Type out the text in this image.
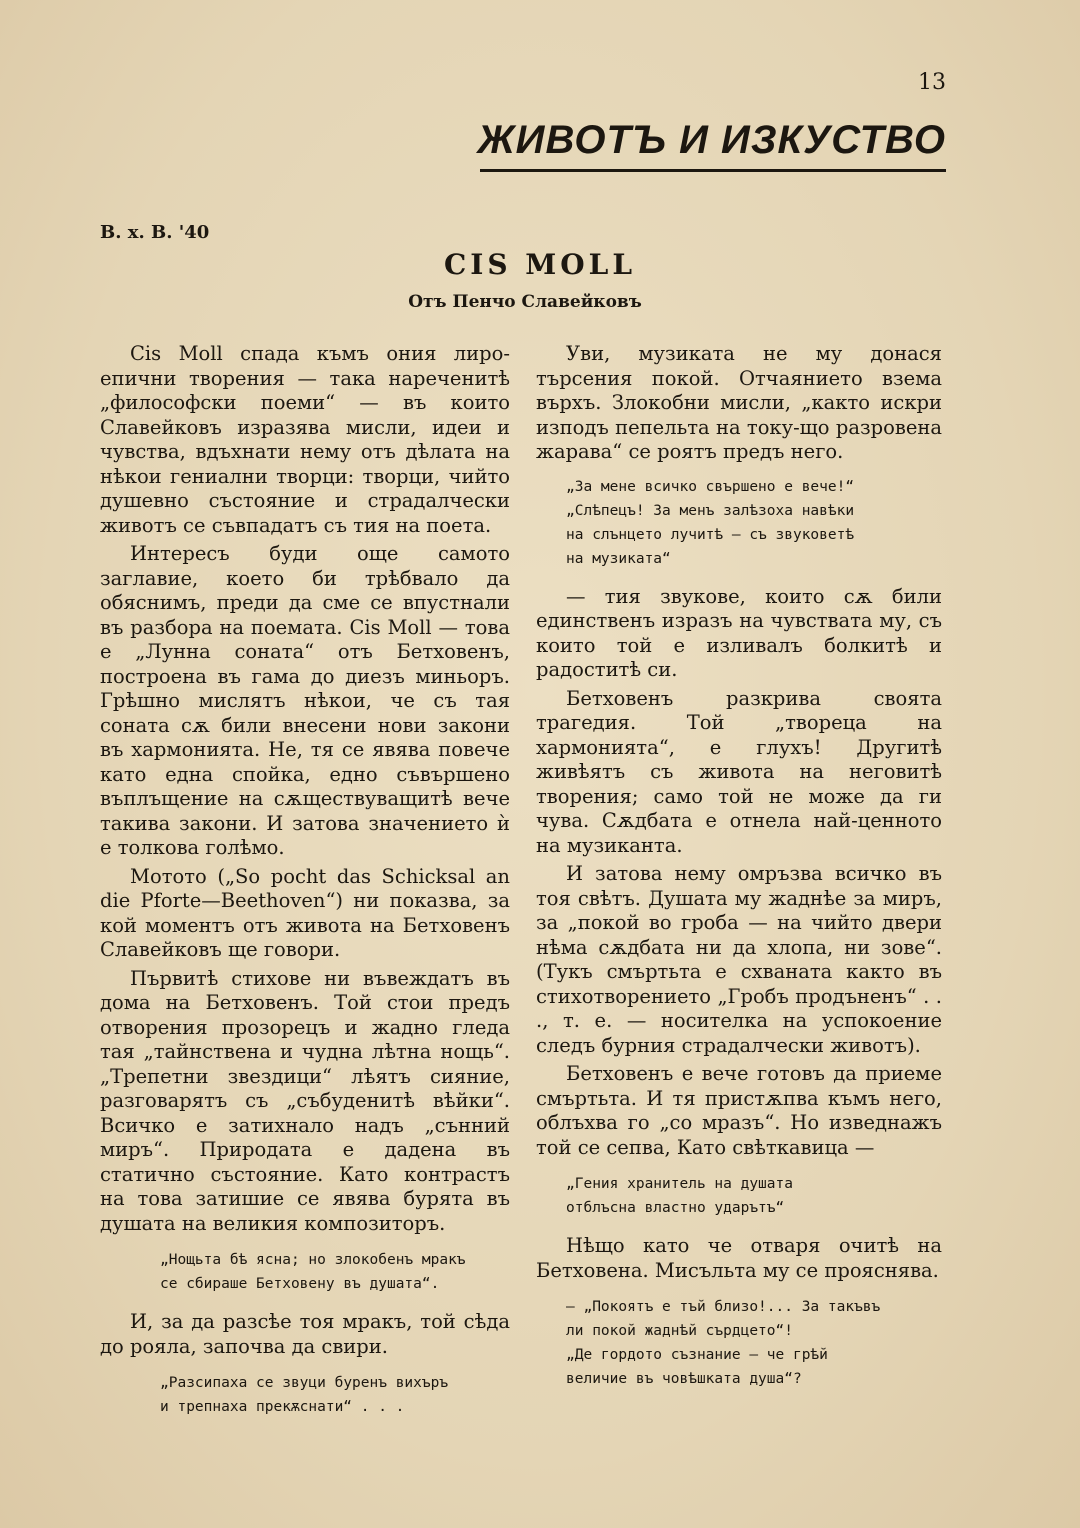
13
ЖИВОТЪ И ИЗКУСТВО
В. х. В. '40
CIS MOLL
Отъ Пенчо Славейковъ

Cis Moll спада къмъ ония лиро-епични творения — така нареченитѣ „философски поеми“ — въ които Славейковъ изразява мисли, идеи и чувства, вдъхнати нему отъ дѣлата на нѣкои гениални творци: творци, чийто душевно състояние и страдалчески животъ се съвпадатъ съ тия на поета.

Интересъ буди още самото заглавие, което би трѣбвало да обяснимъ, преди да сме се впустнали въ разбора на поемата. Cis Moll — това е „Лунна соната“ отъ Бетховенъ, построена въ гама до диезъ миньоръ. Грѣшно мислятъ нѣкои, че съ тая соната сѫ били внесени нови закони въ хармонията. Не, тя се явява повече като една спойка, едно съвършено въплъщение на сѫществуващитѣ вече такива закони. И затова значението ѝ е толкова голѣмо.

Мотото („So pocht das Schicksal an die Pforte—Beethoven“) ни показва, за кой моментъ отъ живота на Бетховенъ Славейковъ ще говори.

Първитѣ стихове ни въвеждатъ въ дома на Бетховенъ. Той стои предъ отворения прозорецъ и жадно гледа тая „тайнствена и чудна лѣтна нощь“. „Трепетни звездици“ лѣятъ сияние, разговарятъ съ „събуденитѣ вѣйки“. Всичко е затихнало надъ „сънний миръ“. Природата е дадена въ статично състояние. Като контрастъ на това затишие се явява бурята въ душата на великия композиторъ.

„Нощьта бѣ ясна; но злокобенъ мракъ
се сбираше Бетховену въ душата“.

И, за да разсѣе тоя мракъ, той сѣда до рояла, започва да свири.

„Разсипаха се звуци буренъ вихъръ
и трепнаха прекѫснати“ . . .

Уви, музиката не му донася търсения покой. Отчаянието взема върхъ. Злокобни мисли, „както искри изподъ пепельта на току-що разровена жарава“ се роятъ предъ него.

„За мене всичко свършено е вече!“
„Слѣпецъ! За менъ залѣзоха навѣки
на слънцето лучитѣ — съ звуковетѣ
на музиката“

— тия звукове, които сѫ били единственъ изразъ на чувствата му, съ които той е изливалъ болкитѣ и радоститѣ си.

Бетховенъ разкрива своята трагедия. Той „твореца на хармонията“, е глухъ! Другитѣ живѣятъ съ живота на неговитѣ творения; само той не може да ги чува. Сѫдбата е отнела най-ценното на музиканта.

И затова нему омръзва всичко въ тоя свѣтъ. Душата му жаднѣе за миръ, за „покой во гроба — на чийто двери нѣма сѫдбата ни да хлопа, ни зове“. (Тукъ смъртьта е схваната както въ стихотворението „Гробъ продъненъ“ . . ., т. е. — носителка на успокоение следъ бурния страдалчески животъ).

Бетховенъ е вече готовъ да приеме смъртьта. И тя пристѫпва къмъ него, облъхва го „со мразъ“. Но изведнажъ той се сепва, Като свѣткавица —

„Гения хранитель на душата
отблъсна властно ударътъ“

Нѣщо като че отваря очитѣ на Бетховена. Мисъльта му се прояснява.

— „Покоятъ е тъй близо!... За такъвъ
ли покой жаднѣй сърдцето“!
„Де гордото съзнание — че грѣй
величие въ човѣшката душа“?
